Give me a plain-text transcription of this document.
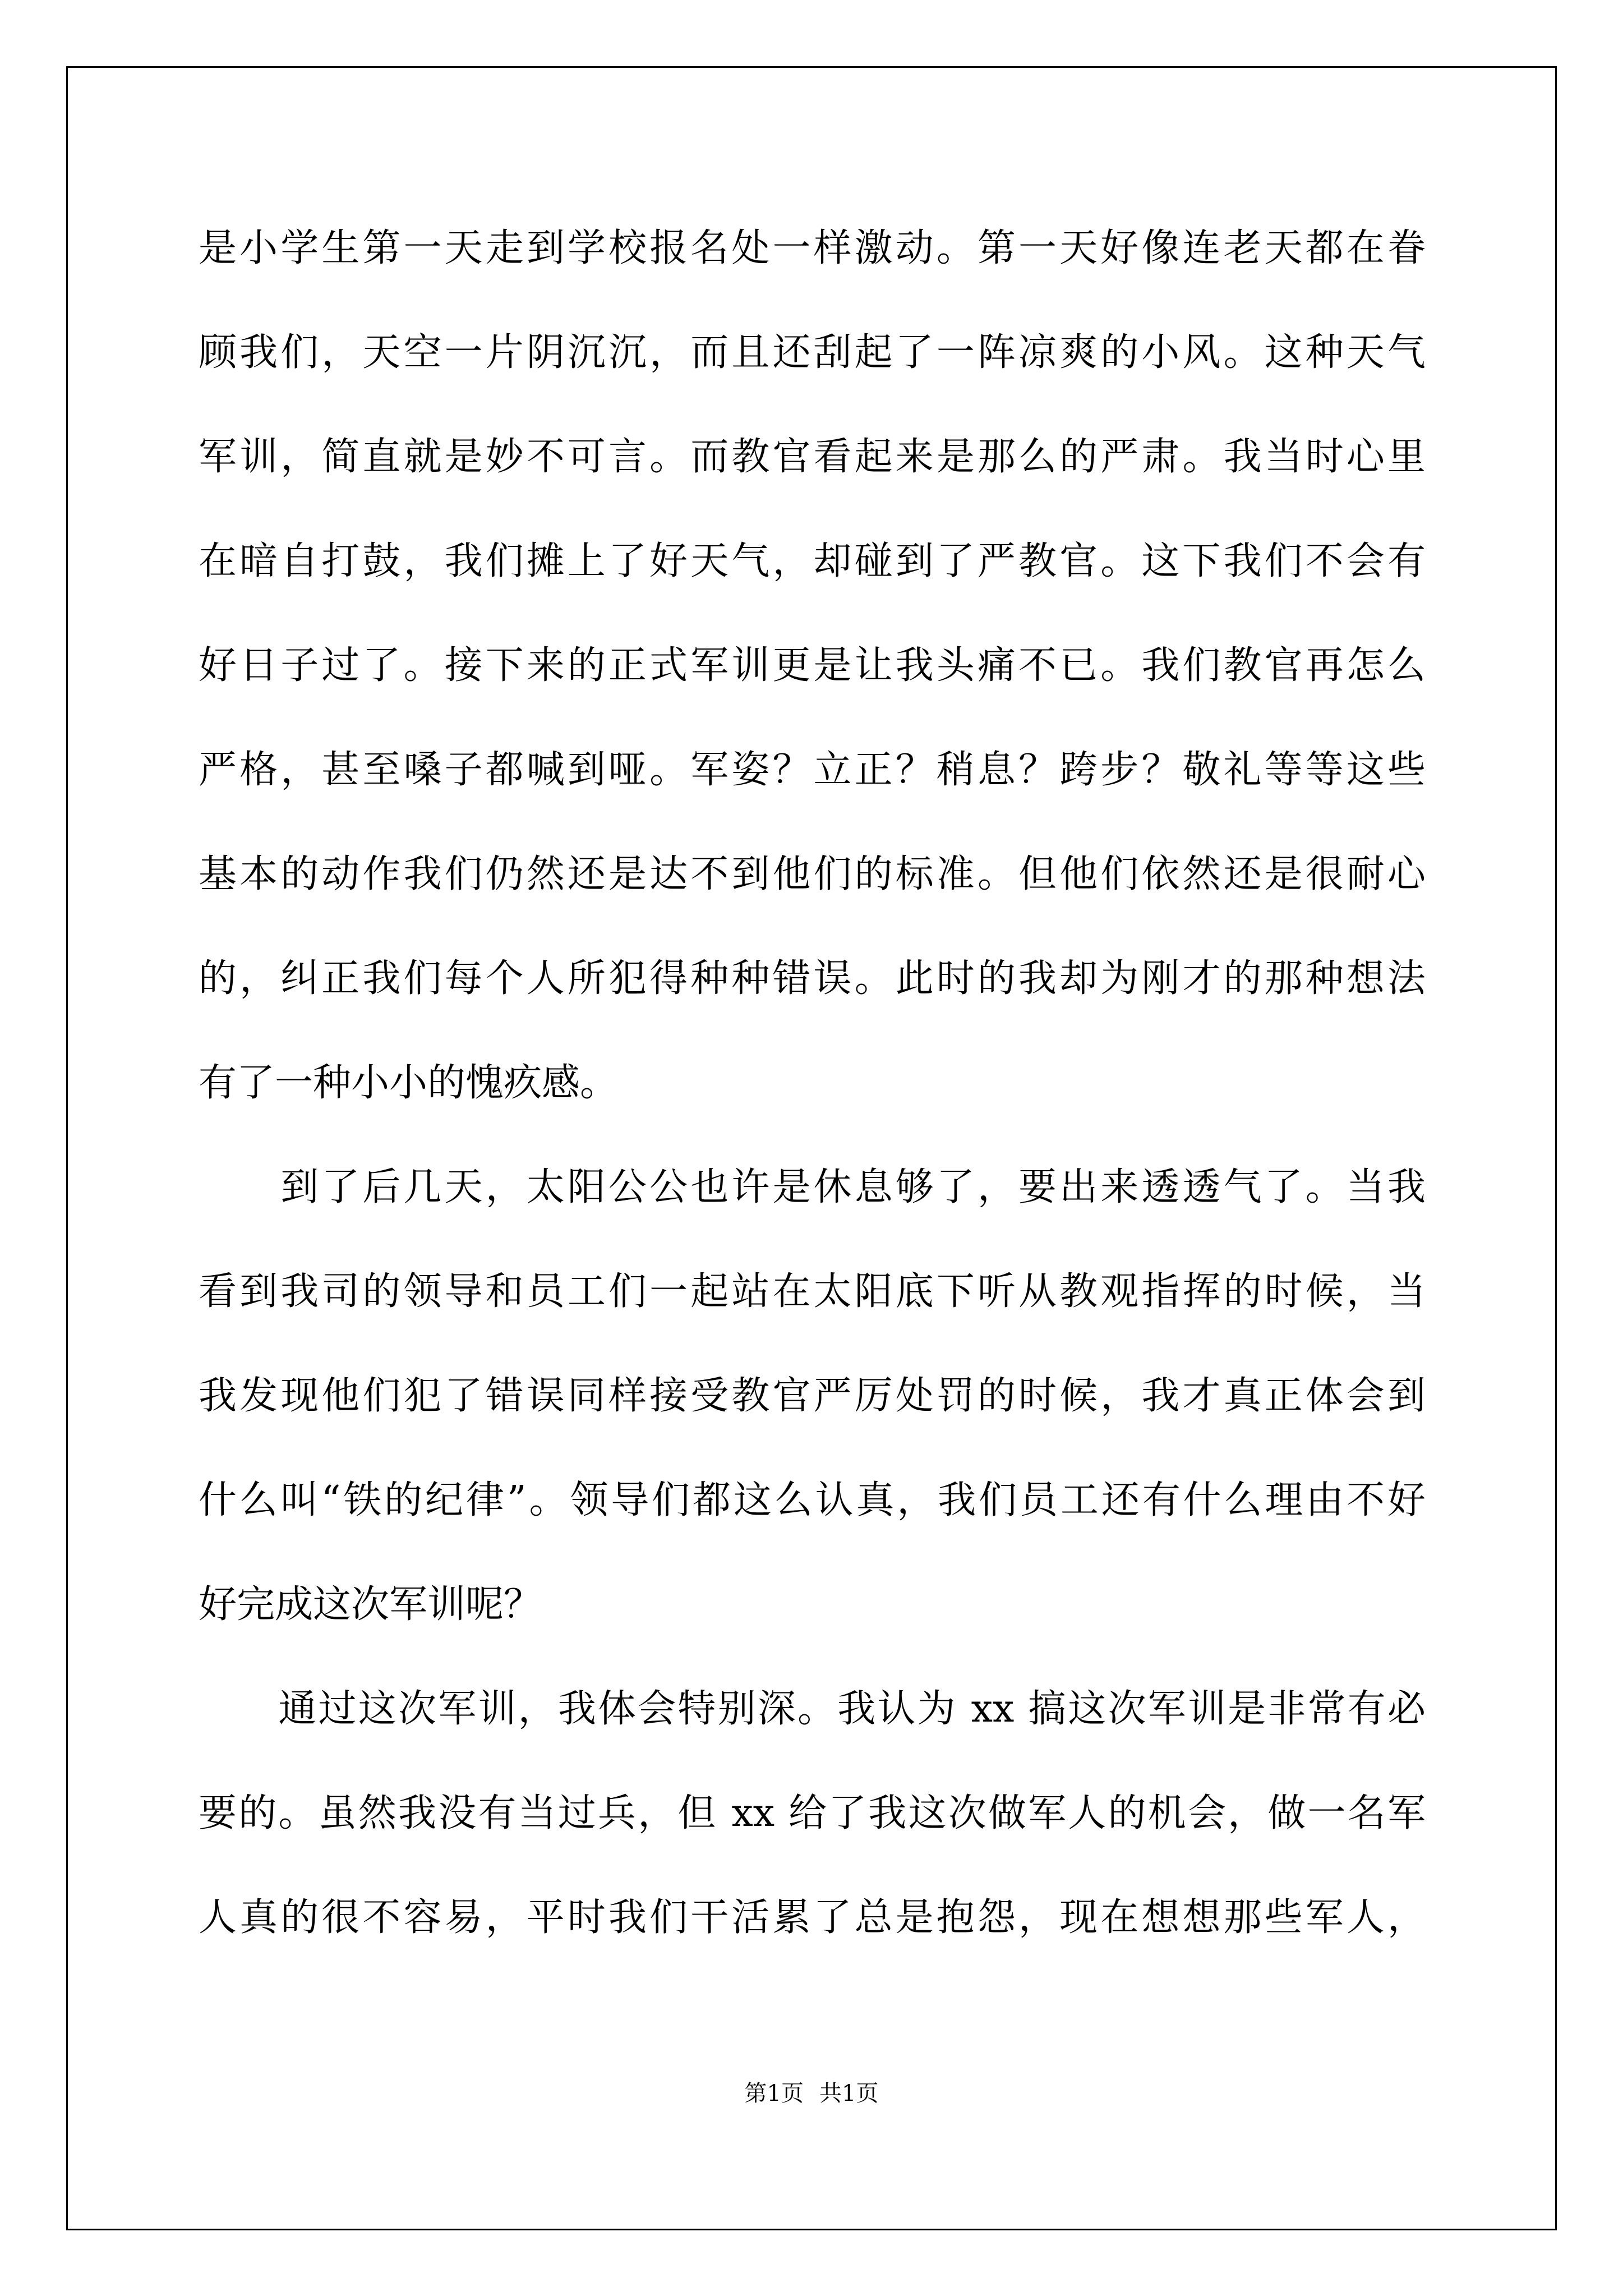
是小学生第一天走到学校报名处一样激动。第一天好像连老天都在眷
顾我们，天空一片阴沉沉，而且还刮起了一阵凉爽的小风。这种天气
军训，简直就是妙不可言。而教官看起来是那么的严肃。我当时心里
在暗自打鼓，我们摊上了好天气，却碰到了严教官。这下我们不会有
好日子过了。接下来的正式军训更是让我头痛不已。我们教官再怎么
严格，甚至嗓子都喊到哑。军姿？立正？稍息？跨步？敬礼等等这些
基本的动作我们仍然还是达不到他们的标准。但他们依然还是很耐心
的，纠正我们每个人所犯得种种错误。此时的我却为刚才的那种想法
有了一种小小的愧疚感。
　　到了后几天，太阳公公也许是休息够了，要出来透透气了。当我
看到我司的领导和员工们一起站在太阳底下听从教观指挥的时候，当
我发现他们犯了错误同样接受教官严厉处罚的时候，我才真正体会到
什么叫“铁的纪律”。领导们都这么认真，我们员工还有什么理由不好
好完成这次军训呢？
　　通过这次军训，我体会特别深。我认为 xx 搞这次军训是非常有必
要的。虽然我没有当过兵，但 xx 给了我这次做军人的机会，做一名军
人真的很不容易，平时我们干活累了总是抱怨，现在想想那些军人，
第1页 共1页
